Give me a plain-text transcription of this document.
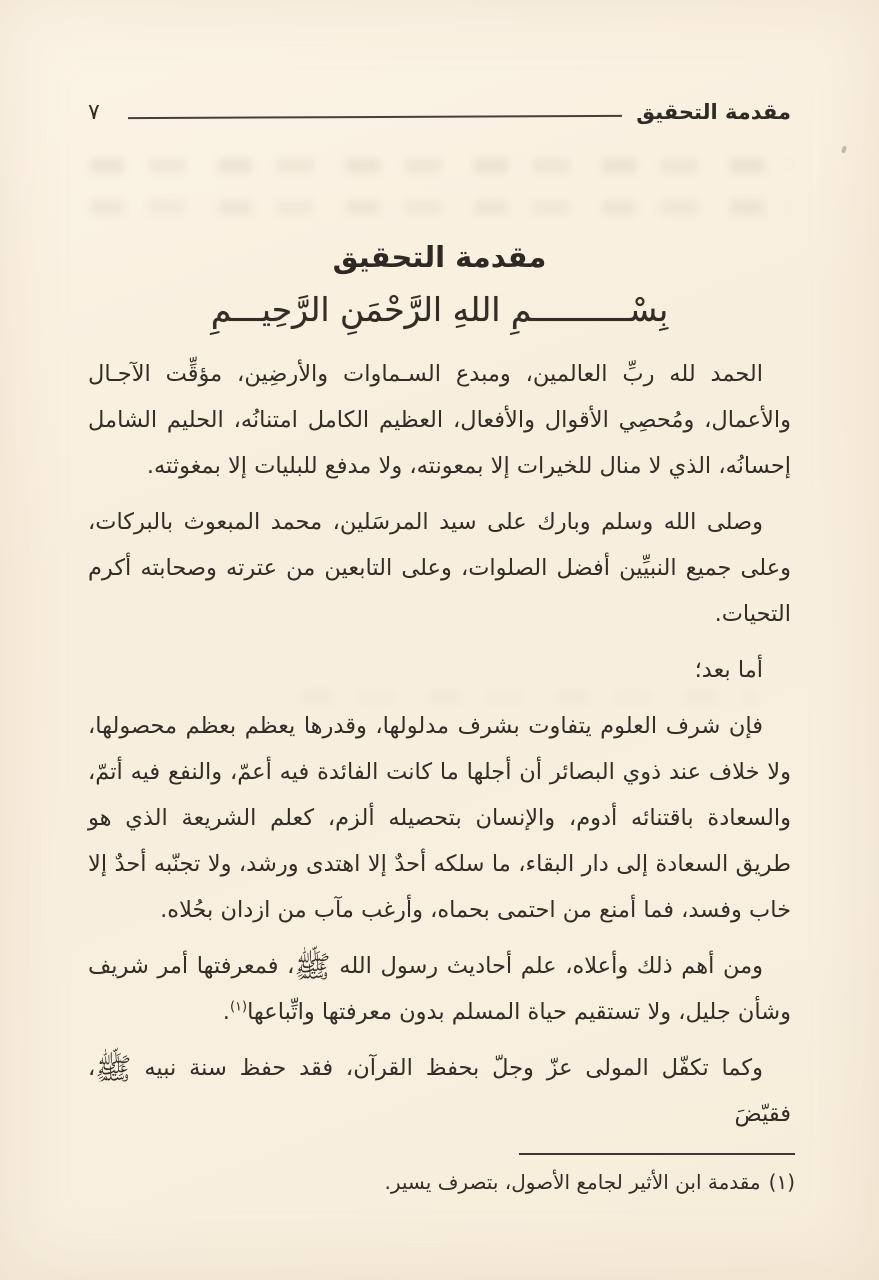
مقدمة التحقيق
٧
مقدمة التحقيق
بِسْــــــــــمِ اللهِ الرَّحْمَنِ الرَّحِيـــمِ

الحمد لله ربِّ العالمين، ومبدع السـماوات والأرضِين، مؤقِّت الآجـال والأعمال، ومُحصِي الأقوال والأفعال، العظيم الكامل امتنانُه، الحليم الشامل إحسانُه، الذي لا منال للخيرات إلا بمعونته، ولا مدفع للبليات إلا بمغوثته.

وصلى الله وسلم وبارك على سيد المرسَلين، محمد المبعوث بالبركات، وعلى جميع النبيِّين أفضل الصلوات، وعلى التابعين من عترته وصحابته أكرم التحيات.

أما بعد؛

فإن شرف العلوم يتفاوت بشرف مدلولها، وقدرها يعظم بعظم محصولها، ولا خلاف عند ذوي البصائر أن أجلها ما كانت الفائدة فيه أعمّ، والنفع فيه أتمّ، والسعادة باقتنائه أدوم، والإنسان بتحصيله ألزم، كعلم الشريعة الذي هو طريق السعادة إلى دار البقاء، ما سلكه أحدٌ إلا اهتدى ورشد، ولا تجنّبه أحدٌ إلا خاب وفسد، فما أمنع من احتمى بحماه، وأرغب مآب من ازدان بحُلاه.

ومن أهم ذلك وأعلاه، علم أحاديث رسول الله ﷺ، فمعرفتها أمر شريف وشأن جليل، ولا تستقيم حياة المسلم بدون معرفتها واتِّباعها$^{(١)}$.

وكما تكفّل المولى عزّ وجلّ بحفظ القرآن، فقد حفظ سنة نبيه ﷺ، فقيّضَ

(١)مقدمة ابن الأثير لجامع الأصول، بتصرف يسير.
